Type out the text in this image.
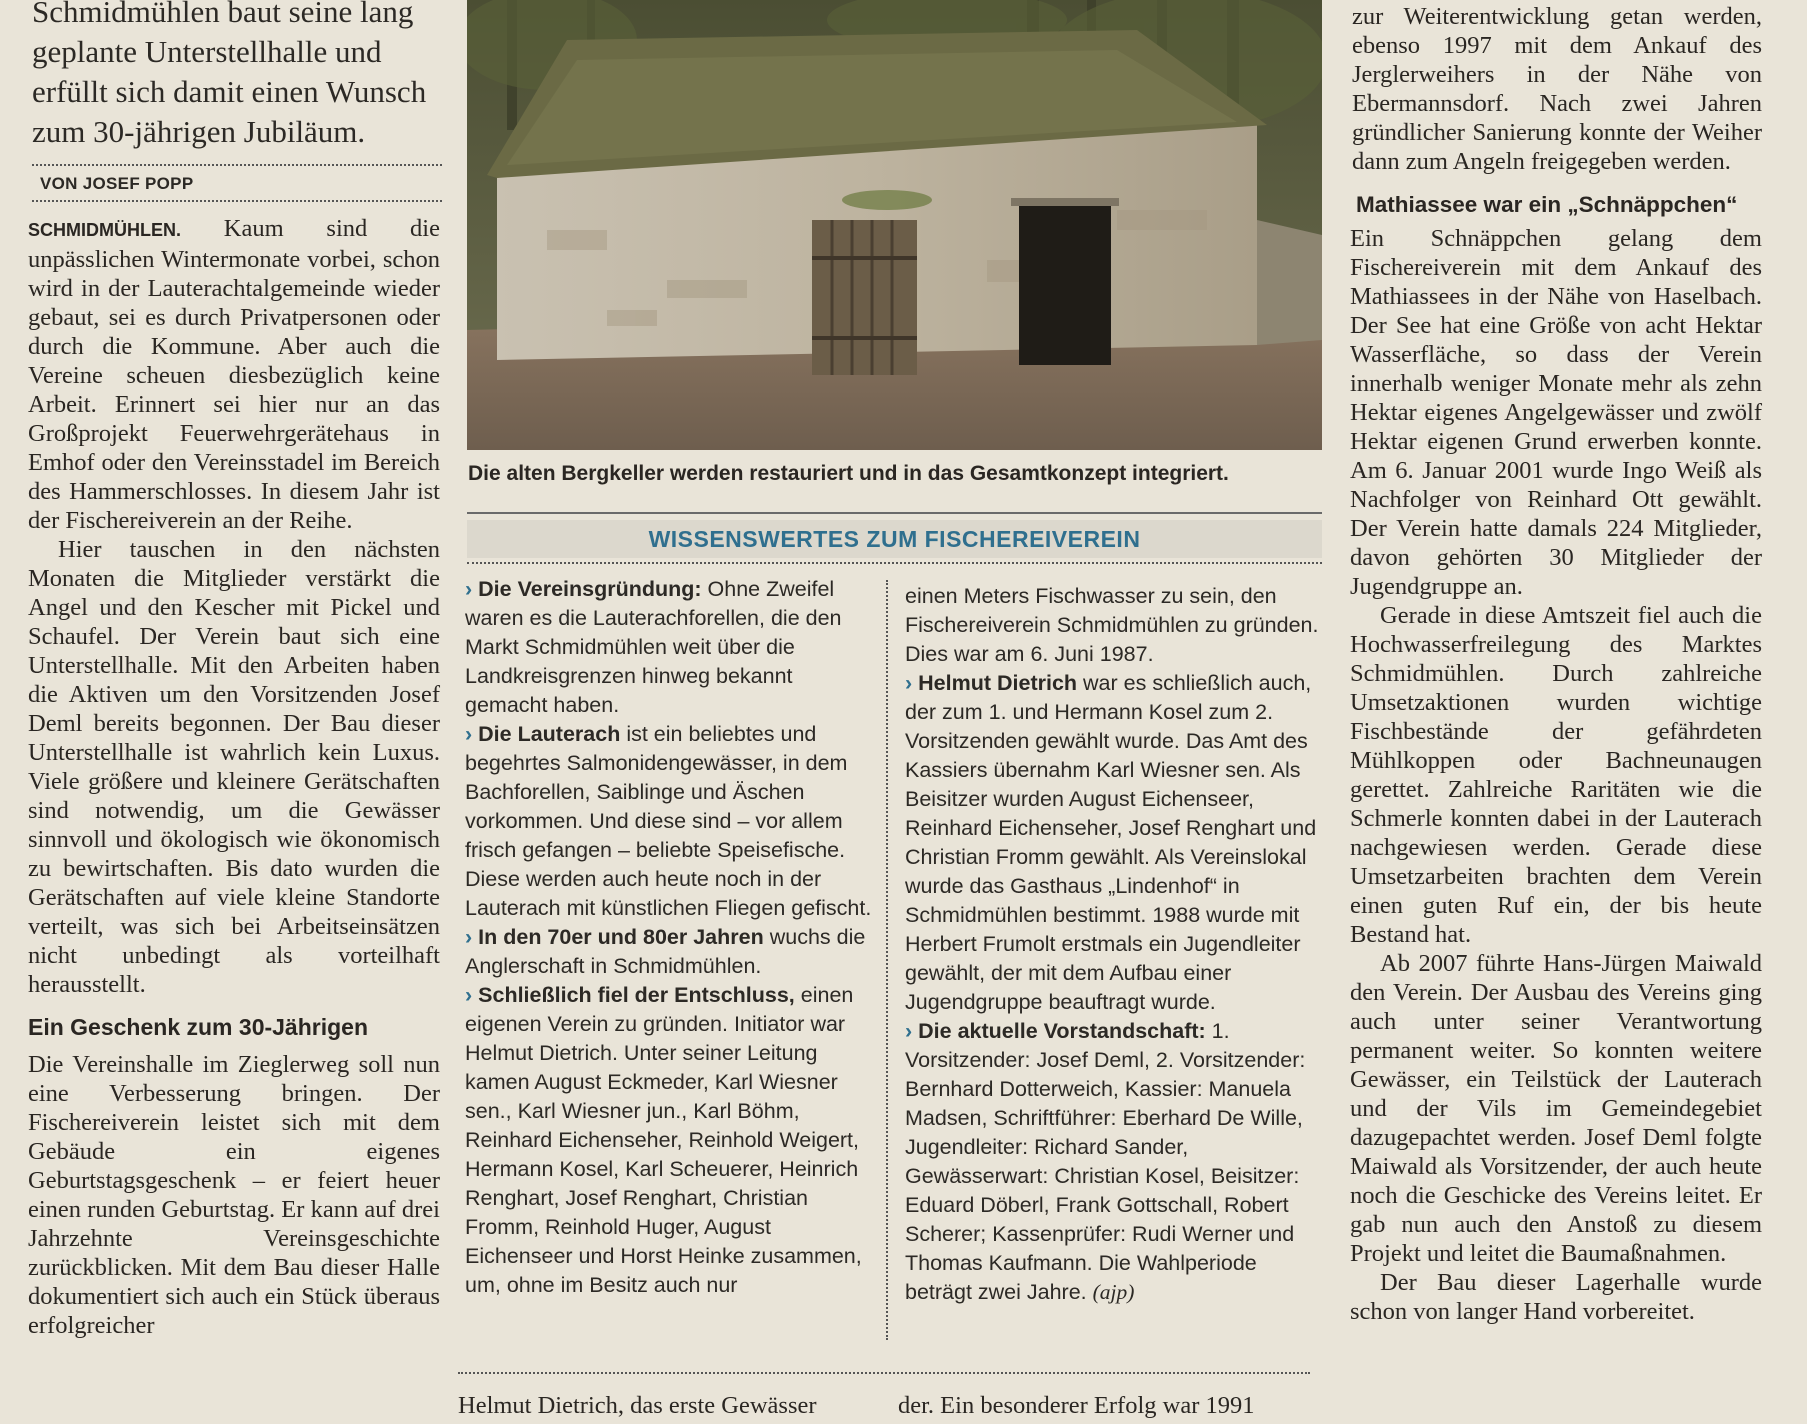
Schmidmühlen baut seine lang geplante Unterstellhalle und erfüllt sich damit einen Wunsch zum 30-jährigen Jubiläum.

VON JOSEF POPP

SCHMIDMÜHLEN. Kaum sind die unpässlichen Wintermonate vorbei, schon wird in der Lauterachtalgemeinde wieder gebaut, sei es durch Privatpersonen oder durch die Kommune. Aber auch die Vereine scheuen diesbezüglich keine Arbeit. Erinnert sei hier nur an das Großprojekt Feuerwehrgerätehaus in Emhof oder den Vereinsstadel im Bereich des Hammerschlosses. In diesem Jahr ist der Fischereiverein an der Reihe.

Hier tauschen in den nächsten Monaten die Mitglieder verstärkt die Angel und den Kescher mit Pickel und Schaufel. Der Verein baut sich eine Unterstellhalle. Mit den Arbeiten haben die Aktiven um den Vorsitzenden Josef Deml bereits begonnen. Der Bau dieser Unterstellhalle ist wahrlich kein Luxus. Viele größere und kleinere Gerätschaften sind notwendig, um die Gewässer sinnvoll und ökologisch wie ökonomisch zu bewirtschaften. Bis dato wurden die Gerätschaften auf viele kleine Standorte verteilt, was sich bei Arbeitseinsätzen nicht unbedingt als vorteilhaft herausstellt.

Ein Geschenk zum 30-Jährigen

Die Vereinshalle im Zieglerweg soll nun eine Verbesserung bringen. Der Fischereiverein leistet sich mit dem Gebäude ein eigenes Geburtstagsgeschenk – er feiert heuer einen runden Geburtstag. Er kann auf drei Jahrzehnte Vereinsgeschichte zurückblicken. Mit dem Bau dieser Halle dokumentiert sich auch ein Stück überaus erfolgreicher

Die alten Bergkeller werden restauriert und in das Gesamtkonzept integriert.
WISSENSWERTES ZUM FISCHEREIVEREIN

› Die Vereinsgründung: Ohne Zweifel waren es die Lauterachforellen, die den Markt Schmidmühlen weit über die Landkreisgrenzen hinweg bekannt gemacht haben.

› Die Lauterach ist ein beliebtes und begehrtes Salmonidengewässer, in dem Bachforellen, Saiblinge und Äschen vorkommen. Und diese sind – vor allem frisch gefangen – beliebte Speisefische. Diese werden auch heute noch in der Lauterach mit künstlichen Fliegen gefischt.

› In den 70er und 80er Jahren wuchs die Anglerschaft in Schmidmühlen.

› Schließlich fiel der Entschluss, einen eigenen Verein zu gründen. Initiator war Helmut Dietrich. Unter seiner Leitung kamen August Eckmeder, Karl Wiesner sen., Karl Wiesner jun., Karl Böhm, Reinhard Eichenseher, Reinhold Weigert, Hermann Kosel, Karl Scheuerer, Heinrich Renghart, Josef Renghart, Christian Fromm, Reinhold Huger, August Eichenseer und Horst Heinke zusammen, um, ohne im Besitz auch nur

einen Meters Fischwasser zu sein, den Fischereiverein Schmidmühlen zu gründen. Dies war am 6. Juni 1987.

› Helmut Dietrich war es schließlich auch, der zum 1. und Hermann Kosel zum 2. Vorsitzenden gewählt wurde. Das Amt des Kassiers übernahm Karl Wiesner sen. Als Beisitzer wurden August Eichenseer, Reinhard Eichenseher, Josef Renghart und Christian Fromm gewählt. Als Vereinslokal wurde das Gasthaus „Lindenhof“ in Schmidmühlen bestimmt. 1988 wurde mit Herbert Frumolt erstmals ein Jugendleiter gewählt, der mit dem Aufbau einer Jugendgruppe beauftragt wurde.

› Die aktuelle Vorstandschaft: 1. Vorsitzender: Josef Deml, 2. Vorsitzender: Bernhard Dotterweich, Kassier: Manuela Madsen, Schriftführer: Eberhard De Wille, Jugendleiter: Richard Sander, Gewässerwart: Christian Kosel, Beisitzer: Eduard Döberl, Frank Gottschall, Robert Scherer; Kassenprüfer: Rudi Werner und Thomas Kaufmann. Die Wahlperiode beträgt zwei Jahre. (ajp)

Helmut Dietrich, das erste Gewässer	der. Ein besonderer Erfolg war 1991

zur Weiterentwicklung getan werden, ebenso 1997 mit dem Ankauf des Jerglerweihers in der Nähe von Ebermannsdorf. Nach zwei Jahren gründlicher Sanierung konnte der Weiher dann zum Angeln freigegeben werden.

Mathiassee war ein „Schnäppchen“

Ein Schnäppchen gelang dem Fischereiverein mit dem Ankauf des Mathiassees in der Nähe von Haselbach. Der See hat eine Größe von acht Hektar Wasserfläche, so dass der Verein innerhalb weniger Monate mehr als zehn Hektar eigenes Angelgewässer und zwölf Hektar eigenen Grund erwerben konnte. Am 6. Januar 2001 wurde Ingo Weiß als Nachfolger von Reinhard Ott gewählt. Der Verein hatte damals 224 Mitglieder, davon gehörten 30 Mitglieder der Jugendgruppe an.

Gerade in diese Amtszeit fiel auch die Hochwasserfreilegung des Marktes Schmidmühlen. Durch zahlreiche Umsetzaktionen wurden wichtige Fischbestände der gefährdeten Mühlkoppen oder Bachneunaugen gerettet. Zahlreiche Raritäten wie die Schmerle konnten dabei in der Lauterach nachgewiesen werden. Gerade diese Umsetzarbeiten brachten dem Verein einen guten Ruf ein, der bis heute Bestand hat.

Ab 2007 führte Hans-Jürgen Maiwald den Verein. Der Ausbau des Vereins ging auch unter seiner Verantwortung permanent weiter. So konnten weitere Gewässer, ein Teilstück der Lauterach und der Vils im Gemeindegebiet dazugepachtet werden. Josef Deml folgte Maiwald als Vorsitzender, der auch heute noch die Geschicke des Vereins leitet. Er gab nun auch den Anstoß zu diesem Projekt und leitet die Baumaßnahmen.

Der Bau dieser Lagerhalle wurde schon von langer Hand vorbereitet.
